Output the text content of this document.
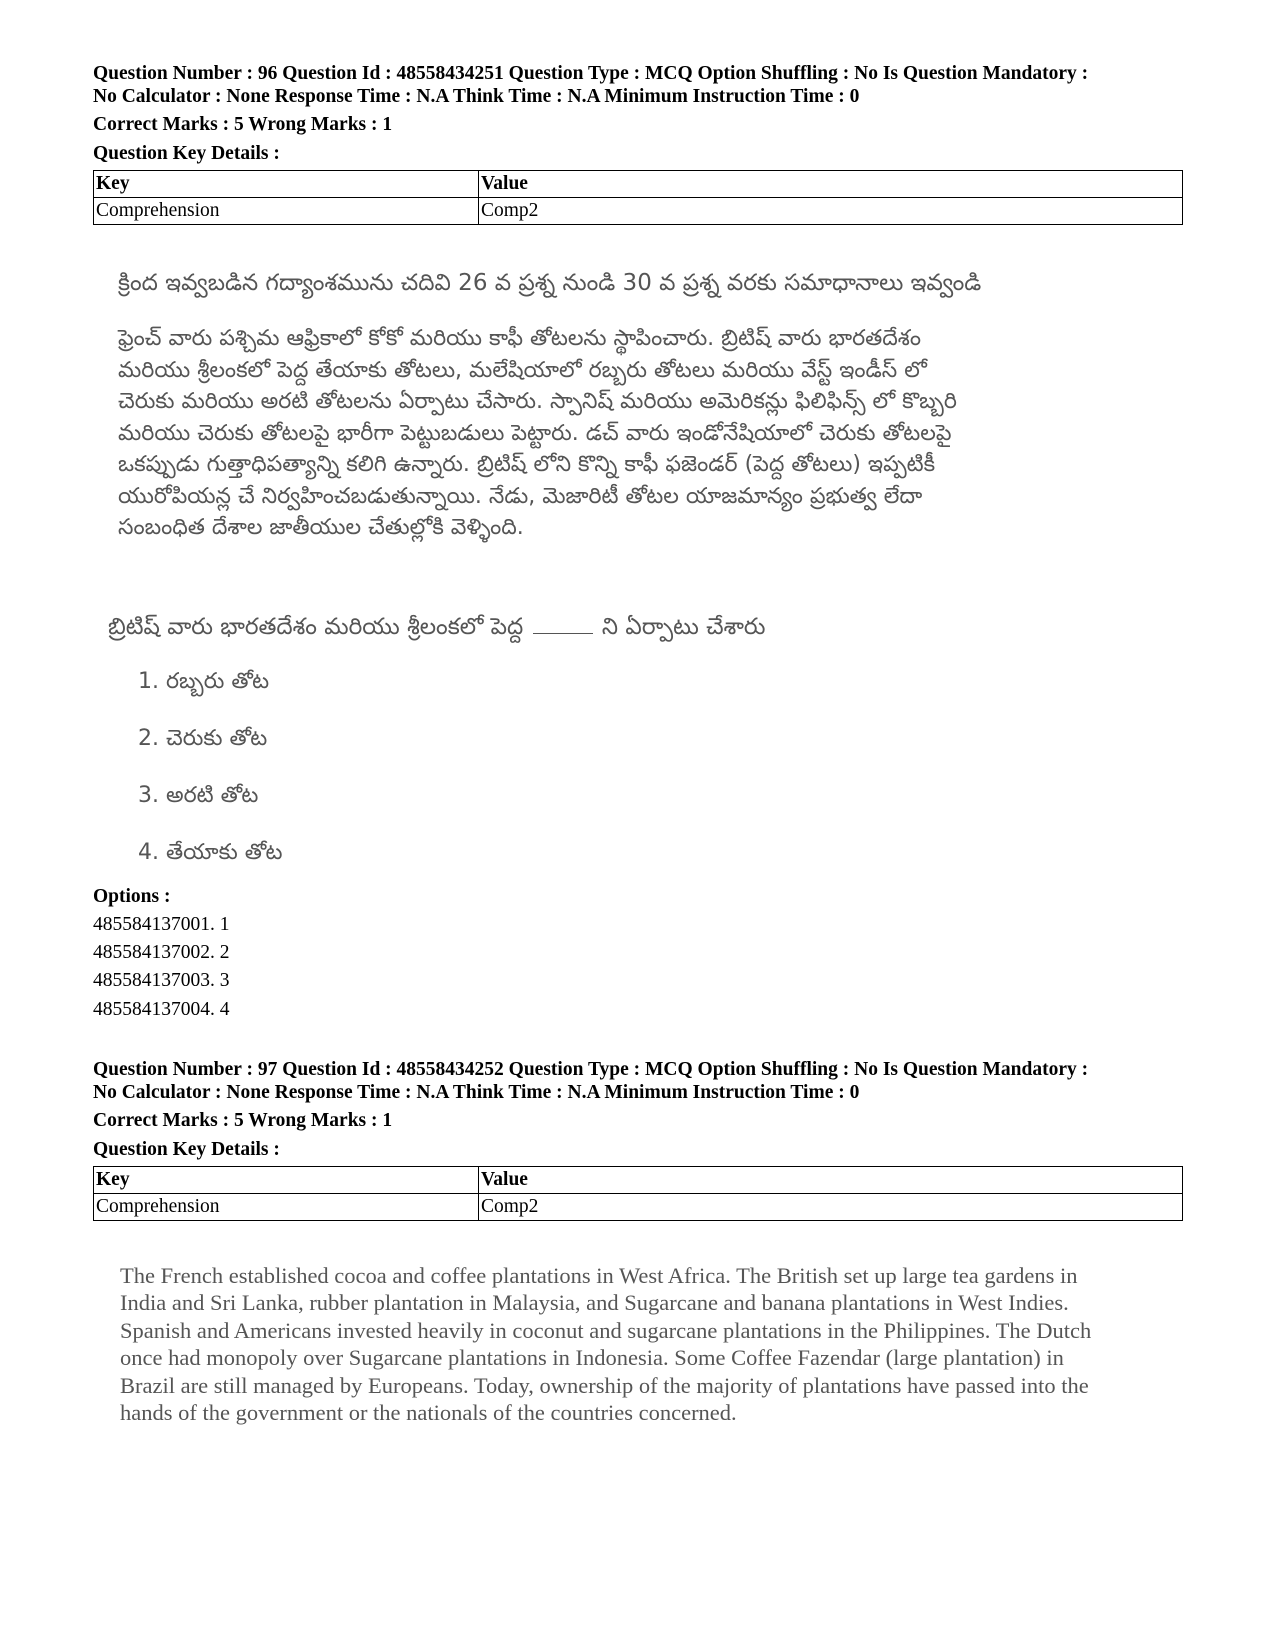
Question Number : 96 Question Id : 48558434251 Question Type : MCQ Option Shuffling : No Is Question Mandatory :

No Calculator : None Response Time : N.A Think Time : N.A Minimum Instruction Time : 0

Correct Marks : 5 Wrong Marks : 1

Question Key Details :

Key	Value
Comprehension	Comp2
క్రింద ఇవ్వబడిన గద్యాంశమును చదివి 26 వ ప్రశ్న నుండి 30 వ ప్రశ్న వరకు సమాధానాలు ఇవ్వండి
ఫ్రెంచ్ వారు పశ్చిమ ఆఫ్రికాలో కోకో మరియు కాఫీ తోటలను స్థాపించారు. బ్రిటిష్ వారు భారతదేశం
మరియు శ్రీలంకలో పెద్ద తేయాకు తోటలు, మలేషియాలో రబ్బరు తోటలు మరియు వేస్ట్ ఇండీస్ లో
చెరుకు మరియు అరటి తోటలను ఏర్పాటు చేసారు. స్పానిష్ మరియు అమెరికన్లు ఫిలిఫిన్స్ లో కొబ్బరి
మరియు చెరుకు తోటలపై భారీగా పెట్టుబడులు పెట్టారు. డచ్ వారు ఇండోనేషియాలో చెరుకు తోటలపై
ఒకప్పుడు గుత్తాధిపత్యాన్ని కలిగి ఉన్నారు. బ్రిటిష్ లోని కొన్ని కాఫీ ఫజెండర్ (పెద్ద తోటలు) ఇప్పటికీ
యురోపియన్ల చే నిర్వహించబడుతున్నాయి. నేడు, మెజారిటీ తోటల యాజమాన్యం ప్రభుత్వ లేదా
సంబంధిత దేశాల జాతీయుల చేతుల్లోకి వెళ్ళింది.
బ్రిటిష్ వారు భారతదేశం మరియు శ్రీలంకలో పెద్ద	ని ఏర్పాటు చేశారు
1. రబ్బరు తోట
2. చెరుకు తోట
3. అరటి తోట
4. తేయాకు తోట
Options :
485584137001. 1
485584137002. 2
485584137003. 3
485584137004. 4

Question Number : 97 Question Id : 48558434252 Question Type : MCQ Option Shuffling : No Is Question Mandatory :

No Calculator : None Response Time : N.A Think Time : N.A Minimum Instruction Time : 0

Correct Marks : 5 Wrong Marks : 1

Question Key Details :

Key	Value
Comprehension	Comp2
The French established cocoa and coffee plantations in West Africa. The British set up large tea gardens in
India and Sri Lanka, rubber plantation in Malaysia, and Sugarcane and banana plantations in West Indies.
Spanish and Americans invested heavily in coconut and sugarcane plantations in the Philippines. The Dutch
once had monopoly over Sugarcane plantations in Indonesia. Some Coffee Fazendar (large plantation) in
Brazil are still managed by Europeans. Today, ownership of the majority of plantations have passed into the
hands of the government or the nationals of the countries concerned.
